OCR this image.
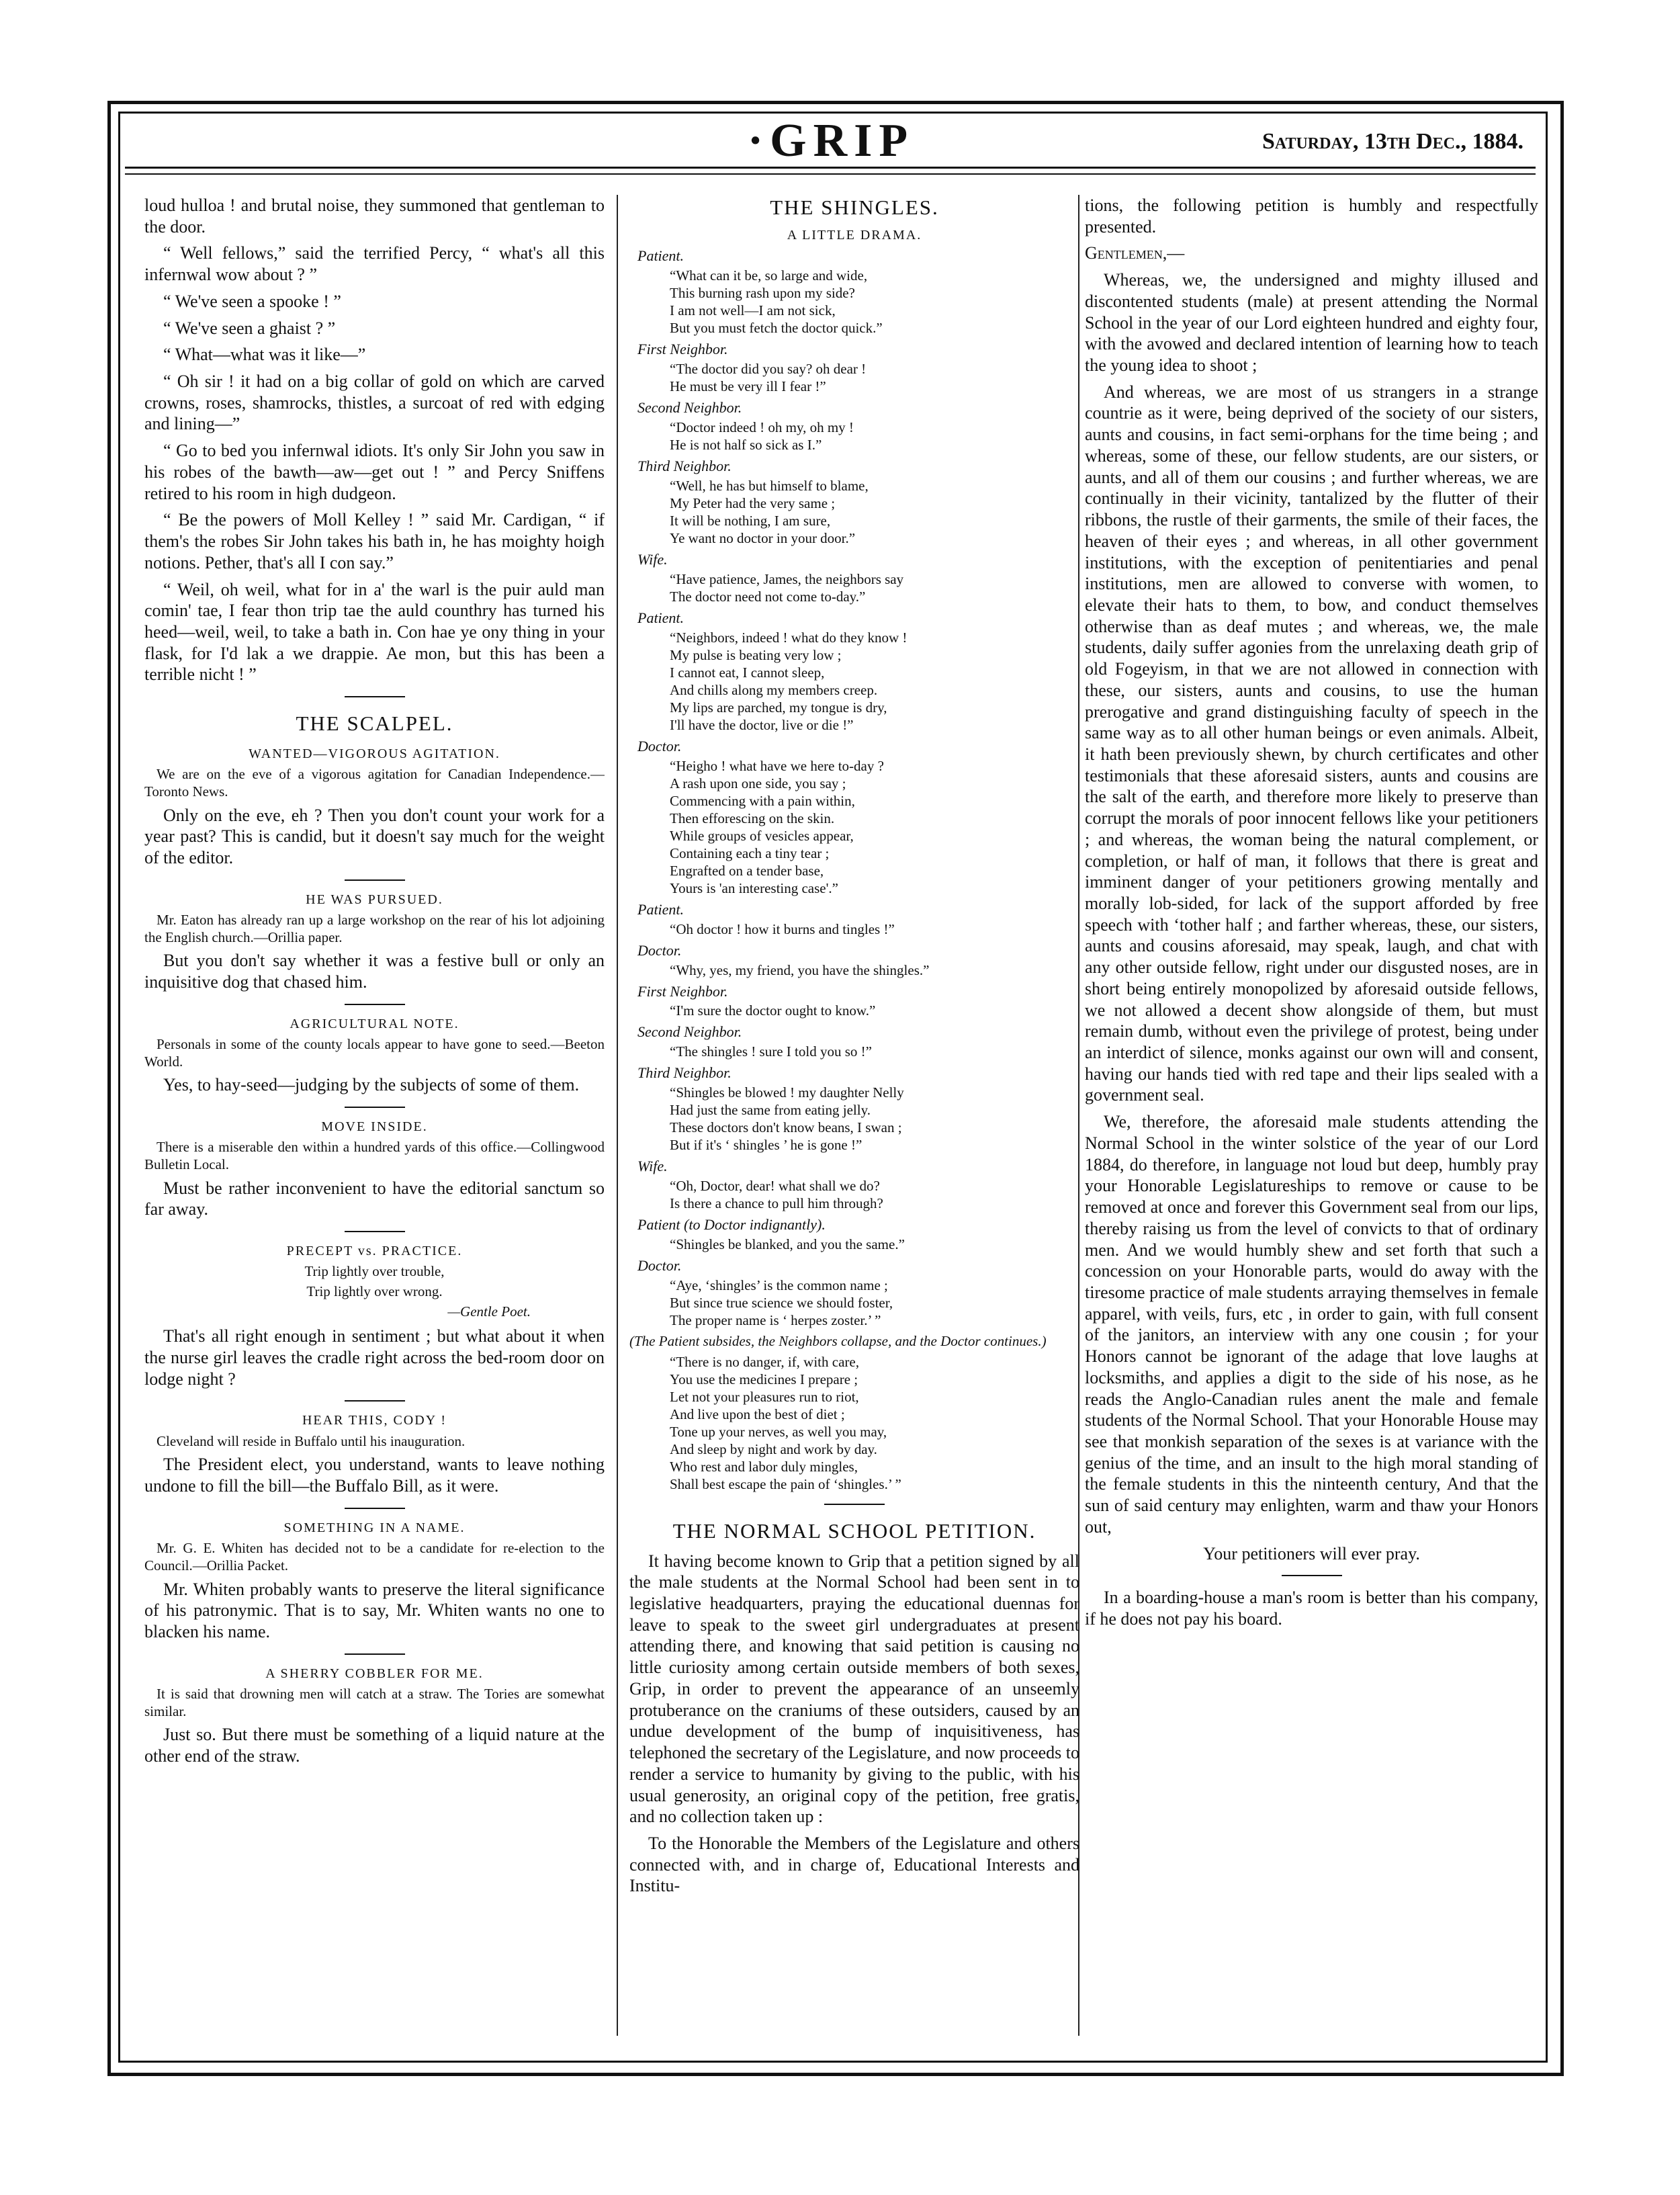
·GRIP	Saturday, 13th Dec., 1884.

loud hulloa ! and brutal noise, they summoned that gentleman to the door.

“ Well fellows,” said the terrified Percy, “ what's all this infernwal wow about ? ”

“ We've seen a spooke ! ”

“ We've seen a ghaist ? ”

“ What—what was it like—”

“ Oh sir ! it had on a big collar of gold on which are carved crowns, roses, shamrocks, thistles, a surcoat of red with edging and lining—”

“ Go to bed you infernwal idiots. It's only Sir John you saw in his robes of the bawth—aw—get out ! ” and Percy Sniffens retired to his room in high dudgeon.

“ Be the powers of Moll Kelley ! ” said Mr. Cardigan, “ if them's the robes Sir John takes his bath in, he has moighty hoigh notions. Pether, that's all I con say.”

“ Weil, oh weil, what for in a' the warl is the puir auld man comin' tae, I fear thon trip tae the auld counthry has turned his heed—weil, weil, to take a bath in. Con hae ye ony thing in your flask, for I'd lak a we drappie. Ae mon, but this has been a terrible nicht ! ”

THE SCALPEL.
WANTED—VIGOROUS AGITATION.

We are on the eve of a vigorous agitation for Canadian Independence.—Toronto News.

Only on the eve, eh ? Then you don't count your work for a year past? This is candid, but it doesn't say much for the weight of the editor.

HE WAS PURSUED.

Mr. Eaton has already ran up a large workshop on the rear of his lot adjoining the English church.—Orillia paper.

But you don't say whether it was a festive bull or only an inquisitive dog that chased him.

AGRICULTURAL NOTE.

Personals in some of the county locals appear to have gone to seed.—Beeton World.

Yes, to hay-seed—judging by the subjects of some of them.

MOVE INSIDE.

There is a miserable den within a hundred yards of this office.—Collingwood Bulletin Local.

Must be rather inconvenient to have the editorial sanctum so far away.

PRECEPT vs. PRACTICE.
Trip lightly over trouble,
Trip lightly over wrong.
—Gentle Poet.

That's all right enough in sentiment ; but what about it when the nurse girl leaves the cradle right across the bed-room door on lodge night ?

HEAR THIS, CODY !

Cleveland will reside in Buffalo until his inauguration.

The President elect, you understand, wants to leave nothing undone to fill the bill—the Buffalo Bill, as it were.

SOMETHING IN A NAME.

Mr. G. E. Whiten has decided not to be a candidate for re-election to the Council.—Orillia Packet.

Mr. Whiten probably wants to preserve the literal significance of his patronymic. That is to say, Mr. Whiten wants no one to blacken his name.

A SHERRY COBBLER FOR ME.

It is said that drowning men will catch at a straw. The Tories are somewhat similar.

Just so. But there must be something of a liquid nature at the other end of the straw.

THE SHINGLES.
A LITTLE DRAMA.
Patient.
“What can it be, so large and wide,
This burning rash upon my side?
I am not well—I am not sick,
But you must fetch the doctor quick.”
First Neighbor.
“The doctor did you say? oh dear !
He must be very ill I fear !”
Second Neighbor.
“Doctor indeed ! oh my, oh my !
He is not half so sick as I.”
Third Neighbor.
“Well, he has but himself to blame,
My Peter had the very same ;
It will be nothing, I am sure,
Ye want no doctor in your door.”
Wife.
“Have patience, James, the neighbors say
The doctor need not come to-day.”
Patient.
“Neighbors, indeed ! what do they know !
My pulse is beating very low ;
I cannot eat, I cannot sleep,
And chills along my members creep.
My lips are parched, my tongue is dry,
I'll have the doctor, live or die !”
Doctor.
“Heigho ! what have we here to-day ?
A rash upon one side, you say ;
Commencing with a pain within,
Then efforescing on the skin.
While groups of vesicles appear,
Containing each a tiny tear ;
Engrafted on a tender base,
Yours is 'an interesting case'.”
Patient.
“Oh doctor ! how it burns and tingles !”
Doctor.
“Why, yes, my friend, you have the shingles.”
First Neighbor.
“I'm sure the doctor ought to know.”
Second Neighbor.
“The shingles ! sure I told you so !”
Third Neighbor.
“Shingles be blowed ! my daughter Nelly
Had just the same from eating jelly.
These doctors don't know beans, I swan ;
But if it's ‘ shingles ’ he is gone !”
Wife.
“Oh, Doctor, dear! what shall we do?
Is there a chance to pull him through?
Patient (to Doctor indignantly).
“Shingles be blanked, and you the same.”
Doctor.
“Aye, ‘shingles’ is the common name ;
But since true science we should foster,
The proper name is ‘ herpes zoster.’ ”

(The Patient subsides, the Neighbors collapse, and the Doctor continues.)

“There is no danger, if, with care,
You use the medicines I prepare ;
Let not your pleasures run to riot,
And live upon the best of diet ;
Tone up your nerves, as well you may,
And sleep by night and work by day.
Who rest and labor duly mingles,
Shall best escape the pain of ‘shingles.’ ”
THE NORMAL SCHOOL PETITION.

It having become known to Grip that a petition signed by all the male students at the Normal School had been sent in to legislative headquarters, praying the educational duennas for leave to speak to the sweet girl undergraduates at present attending there, and knowing that said petition is causing no little curiosity among certain outside members of both sexes, Grip, in order to prevent the appearance of an unseemly protuberance on the craniums of these outsiders, caused by an undue development of the bump of inquisitiveness, has telephoned the secretary of the Legislature, and now proceeds to render a service to humanity by giving to the public, with his usual generosity, an original copy of the petition, free gratis, and no collection taken up :

To the Honorable the Members of the Legislature and others connected with, and in charge of, Educational Interests and Institu-

tions, the following petition is humbly and respectfully presented.

Gentlemen,—

Whereas, we, the undersigned and mighty illused and discontented students (male) at present attending the Normal School in the year of our Lord eighteen hundred and eighty four, with the avowed and declared intention of learning how to teach the young idea to shoot ;

And whereas, we are most of us strangers in a strange countrie as it were, being deprived of the society of our sisters, aunts and cousins, in fact semi-orphans for the time being ; and whereas, some of these, our fellow students, are our sisters, or aunts, and all of them our cousins ; and further whereas, we are continually in their vicinity, tantalized by the flutter of their ribbons, the rustle of their garments, the smile of their faces, the heaven of their eyes ; and whereas, in all other government institutions, with the exception of penitentiaries and penal institutions, men are allowed to converse with women, to elevate their hats to them, to bow, and conduct themselves otherwise than as deaf mutes ; and whereas, we, the male students, daily suffer agonies from the unrelaxing death grip of old Fogeyism, in that we are not allowed in connection with these, our sisters, aunts and cousins, to use the human prerogative and grand distinguishing faculty of speech in the same way as to all other human beings or even animals. Albeit, it hath been previously shewn, by church certificates and other testimonials that these aforesaid sisters, aunts and cousins are the salt of the earth, and therefore more likely to preserve than corrupt the morals of poor innocent fellows like your petitioners ; and whereas, the woman being the natural complement, or completion, or half of man, it follows that there is great and imminent danger of your petitioners growing mentally and morally lob-sided, for lack of the support afforded by free speech with ‘tother half ; and farther whereas, these, our sisters, aunts and cousins aforesaid, may speak, laugh, and chat with any other outside fellow, right under our disgusted noses, are in short being entirely monopolized by aforesaid outside fellows, we not allowed a decent show alongside of them, but must remain dumb, without even the privilege of protest, being under an interdict of silence, monks against our own will and consent, having our hands tied with red tape and their lips sealed with a government seal.

We, therefore, the aforesaid male students attending the Normal School in the winter solstice of the year of our Lord 1884, do therefore, in language not loud but deep, humbly pray your Honorable Legislatureships to remove or cause to be removed at once and forever this Government seal from our lips, thereby raising us from the level of convicts to that of ordinary men. And we would humbly shew and set forth that such a concession on your Honorable parts, would do away with the tiresome practice of male students arraying themselves in female apparel, with veils, furs, etc , in order to gain, with full consent of the janitors, an interview with any one cousin ; for your Honors cannot be ignorant of the adage that love laughs at locksmiths, and applies a digit to the side of his nose, as he reads the Anglo-Canadian rules anent the male and female students of the Normal School. That your Honorable House may see that monkish separation of the sexes is at variance with the genius of the time, and an insult to the high moral standing of the female students in this the ninteenth century, And that the sun of said century may enlighten, warm and thaw your Honors out,

Your petitioners will ever pray.

In a boarding-house a man's room is better than his company, if he does not pay his board.
